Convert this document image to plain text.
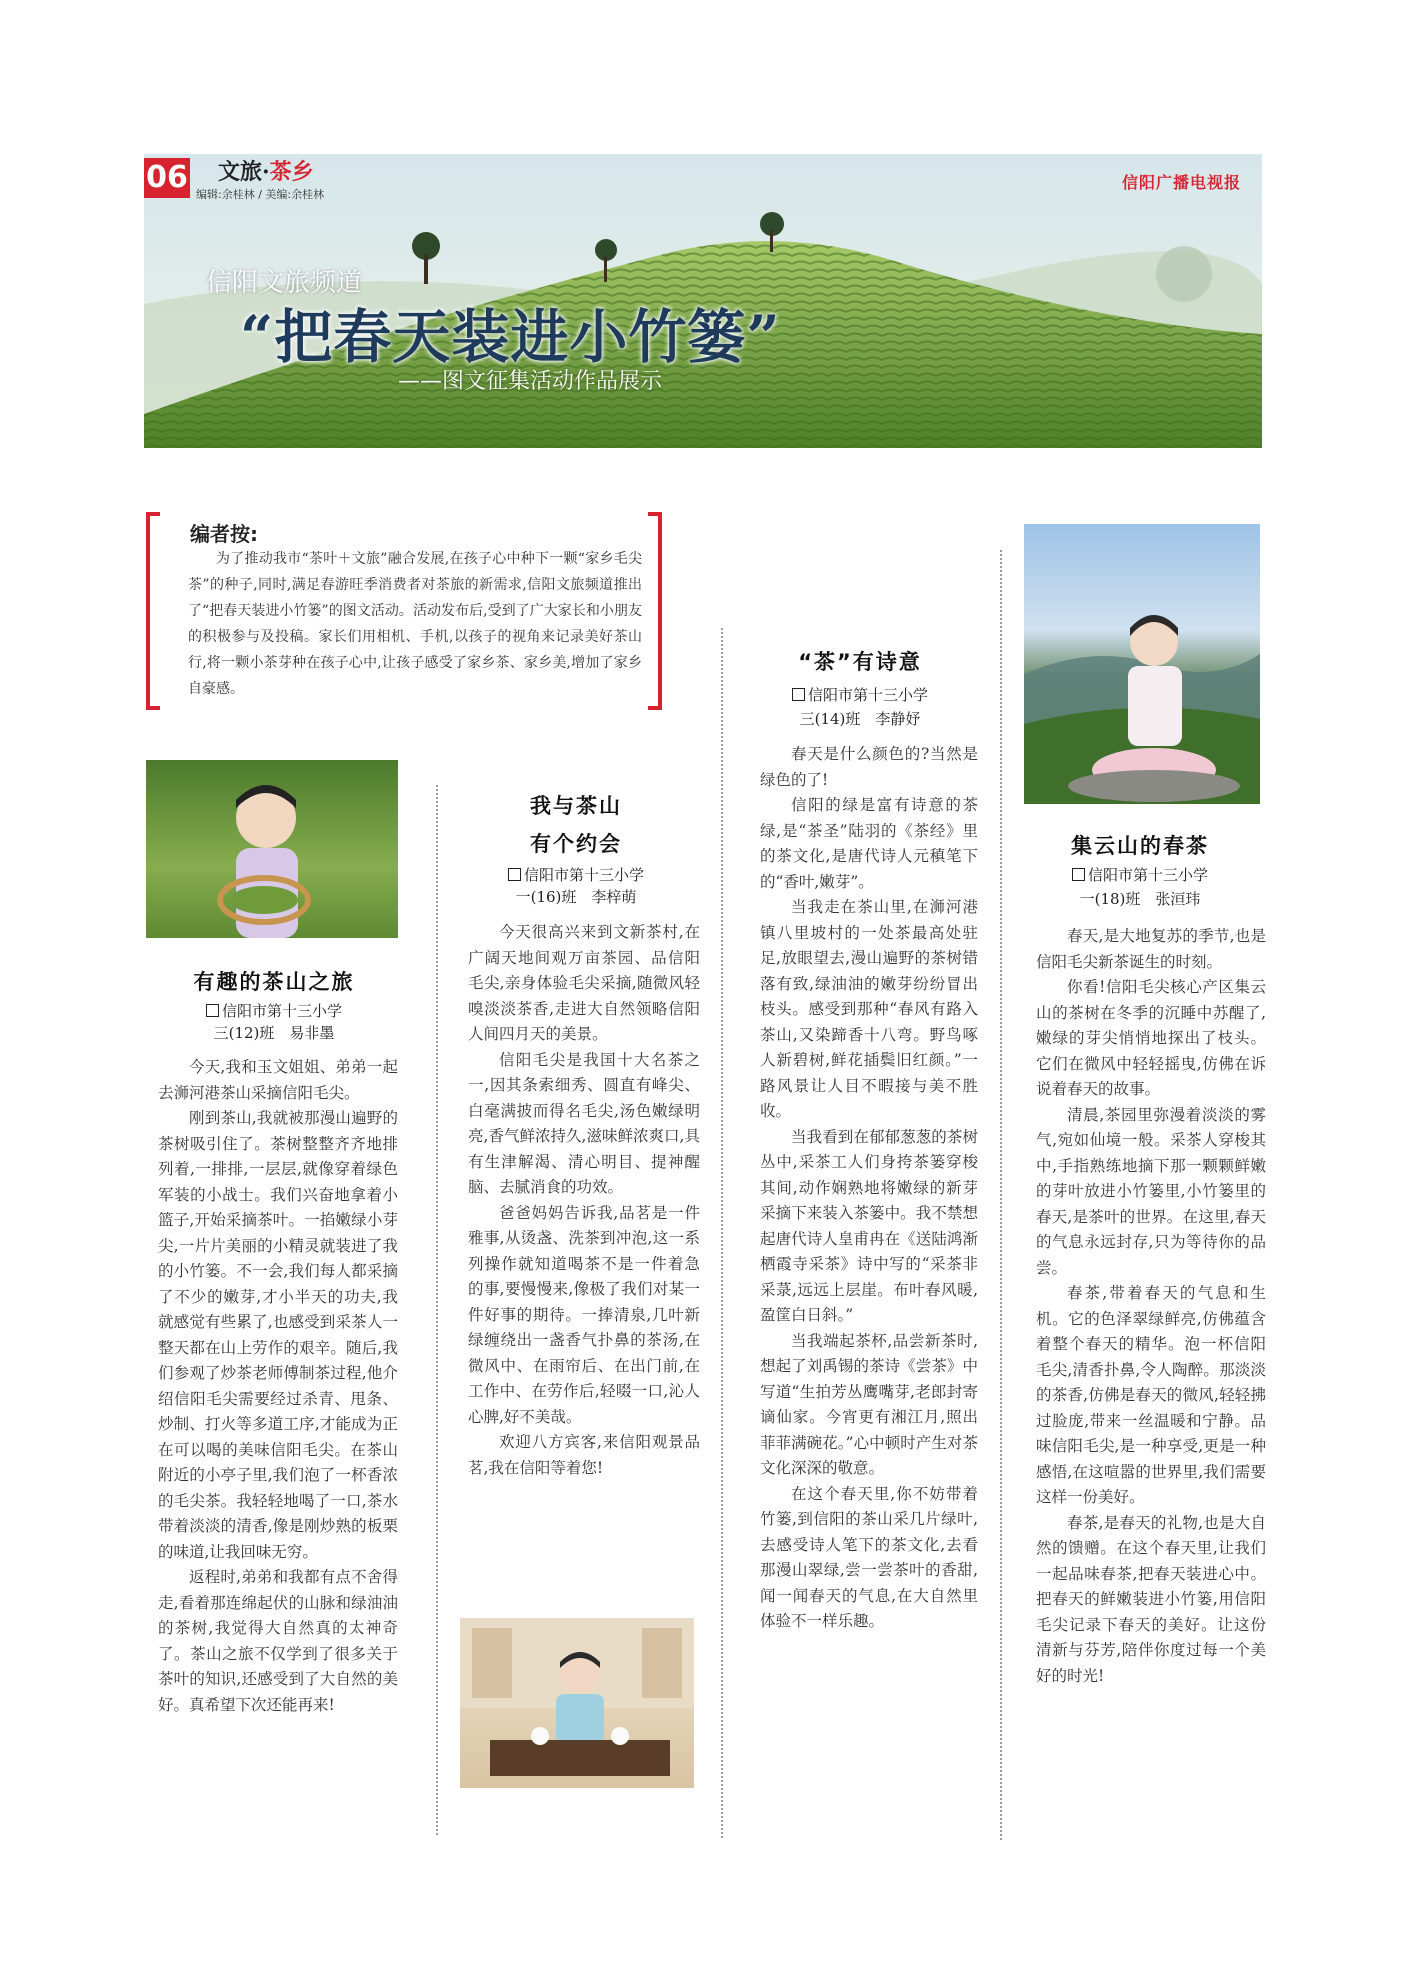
06 文旅·茶乡
编辑:余桂林 / 美编:余桂林
信阳广播电视报
信阳文旅频道
“把春天装进小竹篓”
——图文征集活动作品展示
编者按:
为了推动我市“茶叶＋文旅”融合发展,在孩子心中种下一颗“家乡毛尖茶”的种子,同时,满足春游旺季消费者对茶旅的新需求,信阳文旅频道推出了“把春天装进小竹篓”的图文活动。活动发布后,受到了广大家长和小朋友的积极参与及投稿。家长们用相机、手机,以孩子的视角来记录美好茶山行,将一颗小茶芽种在孩子心中,让孩子感受了家乡茶、家乡美,增加了家乡自豪感。
有趣的茶山之旅
信阳市第十三小学
三(12)班　易非墨

今天,我和玉文姐姐、弟弟一起去浉河港茶山采摘信阳毛尖。

刚到茶山,我就被那漫山遍野的茶树吸引住了。茶树整整齐齐地排列着,一排排,一层层,就像穿着绿色军装的小战士。我们兴奋地拿着小篮子,开始采摘茶叶。一掐嫩绿小芽尖,一片片美丽的小精灵就装进了我的小竹篓。不一会,我们每人都采摘了不少的嫩芽,才小半天的功夫,我就感觉有些累了,也感受到采茶人一整天都在山上劳作的艰辛。随后,我们参观了炒茶老师傅制茶过程,他介绍信阳毛尖需要经过杀青、甩条、炒制、打火等多道工序,才能成为正在可以喝的美味信阳毛尖。在茶山附近的小亭子里,我们泡了一杯香浓的毛尖茶。我轻轻地喝了一口,茶水带着淡淡的清香,像是刚炒熟的板栗的味道,让我回味无穷。

返程时,弟弟和我都有点不舍得走,看着那连绵起伏的山脉和绿油油的茶树,我觉得大自然真的太神奇了。茶山之旅不仅学到了很多关于茶叶的知识,还感受到了大自然的美好。真希望下次还能再来!

我与茶山
有个约会
信阳市第十三小学
一(16)班　李梓萌

今天很高兴来到文新茶村,在广阔天地间观万亩茶园、品信阳毛尖,亲身体验毛尖采摘,随微风轻嗅淡淡茶香,走进大自然领略信阳人间四月天的美景。

信阳毛尖是我国十大名茶之一,因其条索细秀、圆直有峰尖、白毫满披而得名毛尖,汤色嫩绿明亮,香气鲜浓持久,滋味鲜浓爽口,具有生津解渴、清心明目、提神醒脑、去腻消食的功效。

爸爸妈妈告诉我,品茗是一件雅事,从烫盏、洗茶到冲泡,这一系列操作就知道喝茶不是一件着急的事,要慢慢来,像极了我们对某一件好事的期待。一捧清泉,几叶新绿缠绕出一盏香气扑鼻的茶汤,在微风中、在雨帘后、在出门前,在工作中、在劳作后,轻啜一口,沁人心脾,好不美哉。

欢迎八方宾客,来信阳观景品茗,我在信阳等着您!

“茶”有诗意
信阳市第十三小学
三(14)班　李静妤

春天是什么颜色的?当然是绿色的了!

信阳的绿是富有诗意的茶绿,是“茶圣”陆羽的《茶经》里的茶文化,是唐代诗人元稹笔下的“香叶,嫩芽”。

当我走在茶山里,在浉河港镇八里坡村的一处茶最高处驻足,放眼望去,漫山遍野的茶树错落有致,绿油油的嫩芽纷纷冒出枝头。感受到那种“春风有路入茶山,又染蹄香十八弯。野鸟啄人新碧树,鲜花插鬓旧红颜。”一路风景让人目不暇接与美不胜收。

当我看到在郁郁葱葱的茶树丛中,采茶工人们身挎茶篓穿梭其间,动作娴熟地将嫩绿的新芽采摘下来装入茶篓中。我不禁想起唐代诗人皇甫冉在《送陆鸿渐栖霞寺采茶》诗中写的“采茶非采菉,远远上层崖。布叶春风暖,盈筐白日斜。”

当我端起茶杯,品尝新茶时,想起了刘禹锡的茶诗《尝茶》中写道“生拍芳丛鹰嘴芽,老郎封寄谪仙家。今宵更有湘江月,照出菲菲满碗花。”心中顿时产生对茶文化深深的敬意。

在这个春天里,你不妨带着竹篓,到信阳的茶山采几片绿叶,去感受诗人笔下的茶文化,去看那漫山翠绿,尝一尝茶叶的香甜,闻一闻春天的气息,在大自然里体验不一样乐趣。

集云山的春茶
信阳市第十三小学
一(18)班　张洹玮

春天,是大地复苏的季节,也是信阳毛尖新茶诞生的时刻。

你看!信阳毛尖核心产区集云山的茶树在冬季的沉睡中苏醒了,嫩绿的芽尖悄悄地探出了枝头。它们在微风中轻轻摇曳,仿佛在诉说着春天的故事。

清晨,茶园里弥漫着淡淡的雾气,宛如仙境一般。采茶人穿梭其中,手指熟练地摘下那一颗颗鲜嫩的芽叶放进小竹篓里,小竹篓里的春天,是茶叶的世界。在这里,春天的气息永远封存,只为等待你的品尝。

春茶,带着春天的气息和生机。它的色泽翠绿鲜亮,仿佛蕴含着整个春天的精华。泡一杯信阳毛尖,清香扑鼻,令人陶醉。那淡淡的茶香,仿佛是春天的微风,轻轻拂过脸庞,带来一丝温暖和宁静。品味信阳毛尖,是一种享受,更是一种感悟,在这喧嚣的世界里,我们需要这样一份美好。

春茶,是春天的礼物,也是大自然的馈赠。在这个春天里,让我们一起品味春茶,把春天装进心中。把春天的鲜嫩装进小竹篓,用信阳毛尖记录下春天的美好。让这份清新与芬芳,陪伴你度过每一个美好的时光!
